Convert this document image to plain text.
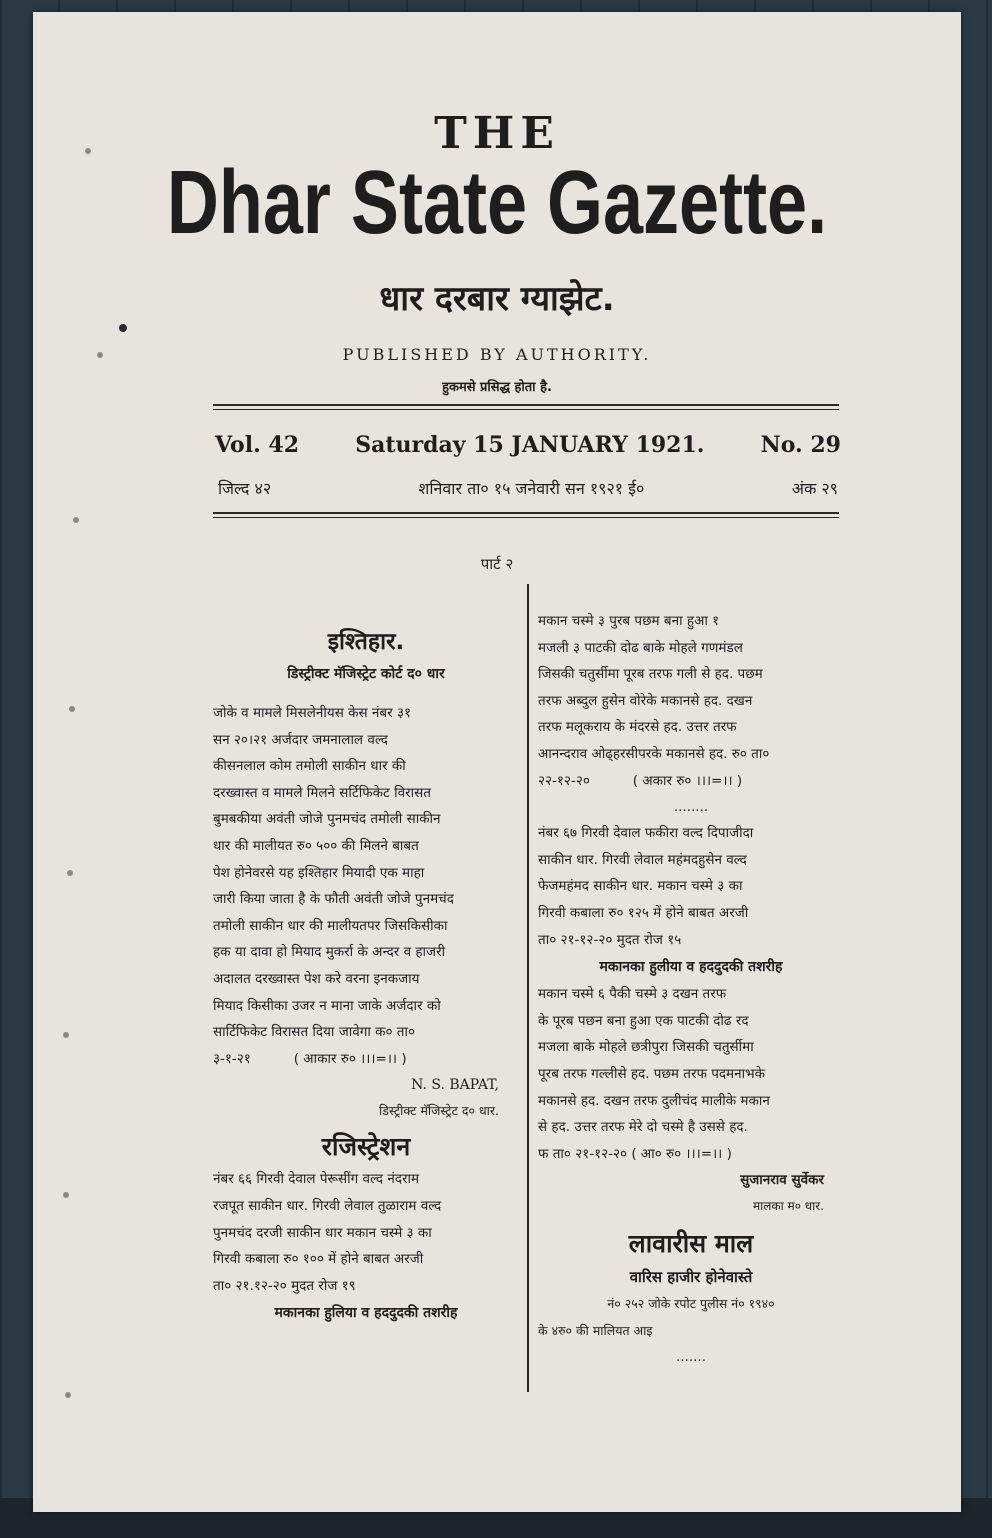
THE
Dhar State Gazette.
धार दरबार ग्याझेट.
PUBLISHED BY AUTHORITY.
हुकमसे प्रसिद्ध होता है.
Vol. 42	Saturday 15 JANUARY 1921.	No. 29
जिल्द ४२	शनिवार ता० १५ जनेवारी सन १९२१ ई०	अंक २९
पार्ट २
इश्तिहार.
डिस्ट्रीक्ट मॅजिस्ट्रेट कोर्ट द० धार

जोके व मामले मिसलेनीयस केस नंबर ३१

सन २०।२१ अर्जदार जमनालाल वल्द

कीसनलाल कोम तमोली साकीन धार की

दरख्वास्त व मामले मिलने सर्टिफिकेट विरासत

बुमबकीया अवंती जोजे पुनमचंद तमोली साकीन

धार की मालीयत रु० ५०० की मिलने बाबत

पेश होनेवरसे यह इश्तिहार मियादी एक माहा

जारी किया जाता है के फौती अवंती जोजे पुनमचंद

तमोली साकीन धार की मालीयतपर जिसकिसीका

हक या दावा हो मियाद मुकर्रा के अन्दर व हाजरी

अदालत दरख्वास्त पेश करे वरना इनकजाय

मियाद किसीका उजर न माना जाके अर्जदार को

सार्टिफिकेट विरासत दिया जावेगा क० ता०

३-१-२१          ( आकार रु० ।।।=।। )

N. S. BAPAT,
डिस्ट्रीक्ट मॅजिस्ट्रेट द० धार.
रजिस्ट्रेशन

नंबर ६६ गिरवी देवाल पेरूसींग वल्द नंदराम

रजपूत साकीन धार. गिरवी लेवाल तुळाराम वल्द

पुनमचंद दरजी साकीन धार मकान चस्मे ३ का

गिरवी कबाला रु० १०० में होने बाबत अरजी

ता० २१.१२-२० मुदत रोज १९

मकानका हुलिया व हददुदकी तशरीह

मकान चस्मे ३ पुरब पछम बना हुआ १

मजली ३ पाटकी दोढ बाके मोहले गणमंडल

जिसकी चतुर्सीमा पूरब तरफ गली से हद. पछम

तरफ अब्दुल हुसेन वोरेके मकानसे हद. दखन

तरफ मलूकराय के मंदरसे हद. उत्तर तरफ

आनन्दराव ओढ्हरसीपरके मकानसे हद. रु० ता०

२२-१२-२०          ( अकार रु० ।।।=।। )

........

नंबर ६७ गिरवी देवाल फकीरा वल्द दिपाजीदा

साकीन धार. गिरवी लेवाल महंमदहुसेन वल्द

फेजमहंमद साकीन धार. मकान चस्मे ३ का

गिरवी कबाला रु० १२५ में होने बाबत अरजी

ता० २१-१२-२० मुदत रोज १५

मकानका हुलीया व हददुदकी तशरीह

मकान चस्मे ६ पैकी चस्मे ३ दखन तरफ

के पूरब पछन बना हुआ एक पाटकी दोढ रद

मजला बाके मोहले छत्रीपुरा जिसकी चतुर्सीमा

पूरब तरफ गल्लीसे हद. पछम तरफ पदमनाभके

मकानसे हद. दखन तरफ दुलीचंद मालीके मकान

से हद. उत्तर तरफ मेरे दो चस्मे है उससे हद.

फ ता० २१-१२-२० ( आ० रु० ।।।=।। )

सुजानराव सुर्वेकर
मालका म० धार.
लावारीस माल
वारिस हाजीर होनेवास्ते

नं० २५२ जोके रपोट पुलीस नं० १९४०

के ४रु० की मालियत आइ

.......
